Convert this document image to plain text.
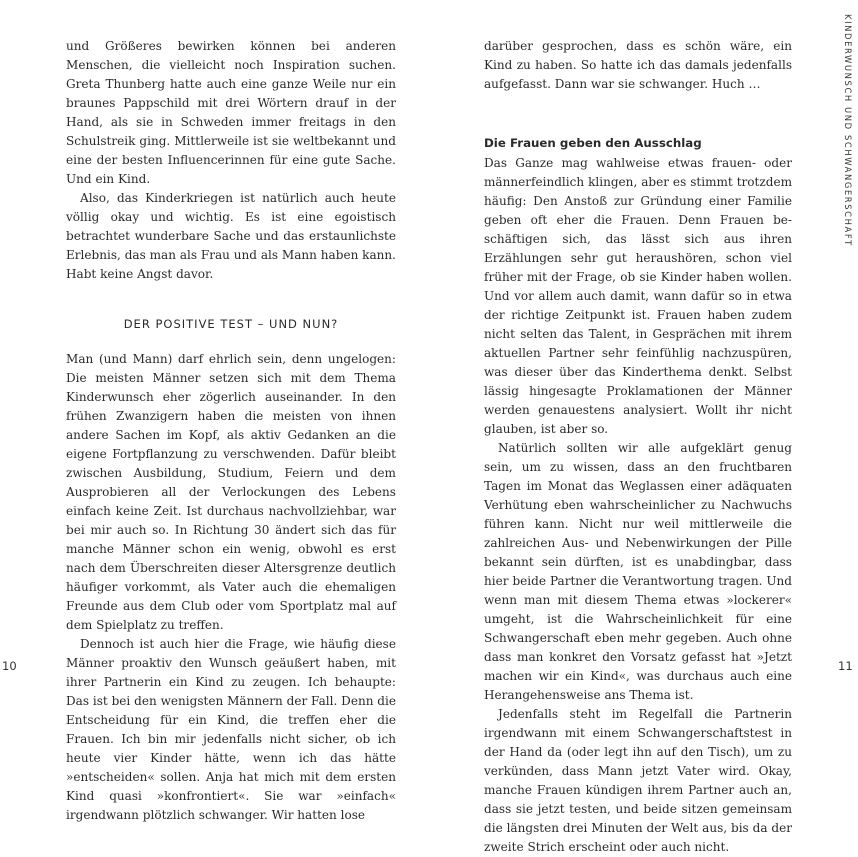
KINDERWUNSCH UND SCHWANGERSCHAFT

und Größeres bewirken können bei anderen Menschen, die vielleicht noch Inspiration suchen. Greta Thunberg hatte auch eine ganze Weile nur ein braunes Pappschild mit drei Wörtern drauf in der Hand, als sie in Schweden immer freitags in den Schulstreik ging. Mittlerweile ist sie weltbekannt und eine der besten Influencerinnen für eine gute Sache. Und ein Kind.

Also, das Kinderkriegen ist natürlich auch heute völlig okay und wichtig. Es ist eine egoistisch betrachtet wunderbare Sache und das erstaunlichste Erlebnis, das man als Frau und als Mann haben kann. Habt keine Angst davor.

DER POSITIVE TEST – UND NUN?

Man (und Mann) darf ehrlich sein, denn ungelogen: Die meisten Männer setzen sich mit dem Thema Kinderwunsch eher zögerlich auseinander. In den frühen Zwanzigern haben die meisten von ihnen andere Sachen im Kopf, als aktiv Gedanken an die eigene Fortpflanzung zu verschwenden. Dafür bleibt zwischen Ausbildung, Studium, Feiern und dem Ausprobieren all der Verlockungen des Lebens einfach keine Zeit. Ist durchaus nachvollziehbar, war bei mir auch so. In Richtung 30 ändert sich das für manche Männer schon ein wenig, obwohl es erst nach dem Überschreiten dieser Altersgrenze deutlich häufiger vorkommt, als Vater auch die ehemaligen Freunde aus dem Club oder vom Sportplatz mal auf dem Spielplatz zu treffen.

Dennoch ist auch hier die Frage, wie häufig diese Männer proaktiv den Wunsch geäußert haben, mit ihrer Partnerin ein Kind zu zeugen. Ich behaupte: Das ist bei den wenigsten Männern der Fall. Denn die Entscheidung für ein Kind, die treffen eher die Frauen. Ich bin mir jedenfalls nicht sicher, ob ich heute vier Kinder hätte, wenn ich das hätte »entscheiden« sollen. Anja hat mich mit dem ersten Kind quasi »konfrontiert«. Sie war »einfach« irgendwann plötzlich schwanger. Wir hatten lose

darüber gesprochen, dass es schön wäre, ein Kind zu haben. So hatte ich das damals jedenfalls aufgefasst. Dann war sie schwanger. Huch …

Die Frauen geben den Ausschlag

Das Ganze mag wahlweise etwas frauen- oder männerfeindlich klingen, aber es stimmt trotzdem häufig: Den Anstoß zur Gründung einer Familie geben oft eher die Frauen. Denn Frauen beschäftigen sich, das lässt sich aus ihren Erzählungen sehr gut heraushören, schon viel früher mit der Frage, ob sie Kinder haben wollen. Und vor allem auch damit, wann dafür so in etwa der richtige Zeitpunkt ist. Frauen haben zudem nicht selten das Talent, in Gesprächen mit ihrem aktuellen Partner sehr feinfühlig nachzuspüren, was dieser über das Kinderthema denkt. Selbst lässig hingesagte Proklamationen der Männer werden genauestens analysiert. Wollt ihr nicht glauben, ist aber so.

Natürlich sollten wir alle aufgeklärt genug sein, um zu wissen, dass an den fruchtbaren Tagen im Monat das Weglassen einer adäquaten Verhütung eben wahrscheinlicher zu Nachwuchs führen kann. Nicht nur weil mittlerweile die zahlreichen Aus- und Nebenwirkungen der Pille bekannt sein dürften, ist es unabdingbar, dass hier beide Partner die Verantwortung tragen. Und wenn man mit diesem Thema etwas »lockerer« umgeht, ist die Wahrscheinlichkeit für eine Schwangerschaft eben mehr gegeben. Auch ohne dass man konkret den Vorsatz gefasst hat »Jetzt machen wir ein Kind«, was durchaus auch eine Herangehensweise ans Thema ist.

Jedenfalls steht im Regelfall die Partnerin irgendwann mit einem Schwangerschaftstest in der Hand da (oder legt ihn auf den Tisch), um zu verkünden, dass Mann jetzt Vater wird. Okay, manche Frauen kündigen ihrem Partner auch an, dass sie jetzt testen, und beide sitzen gemeinsam die längsten drei Minuten der Welt aus, bis da der zweite Strich erscheint oder auch nicht.

10	11
